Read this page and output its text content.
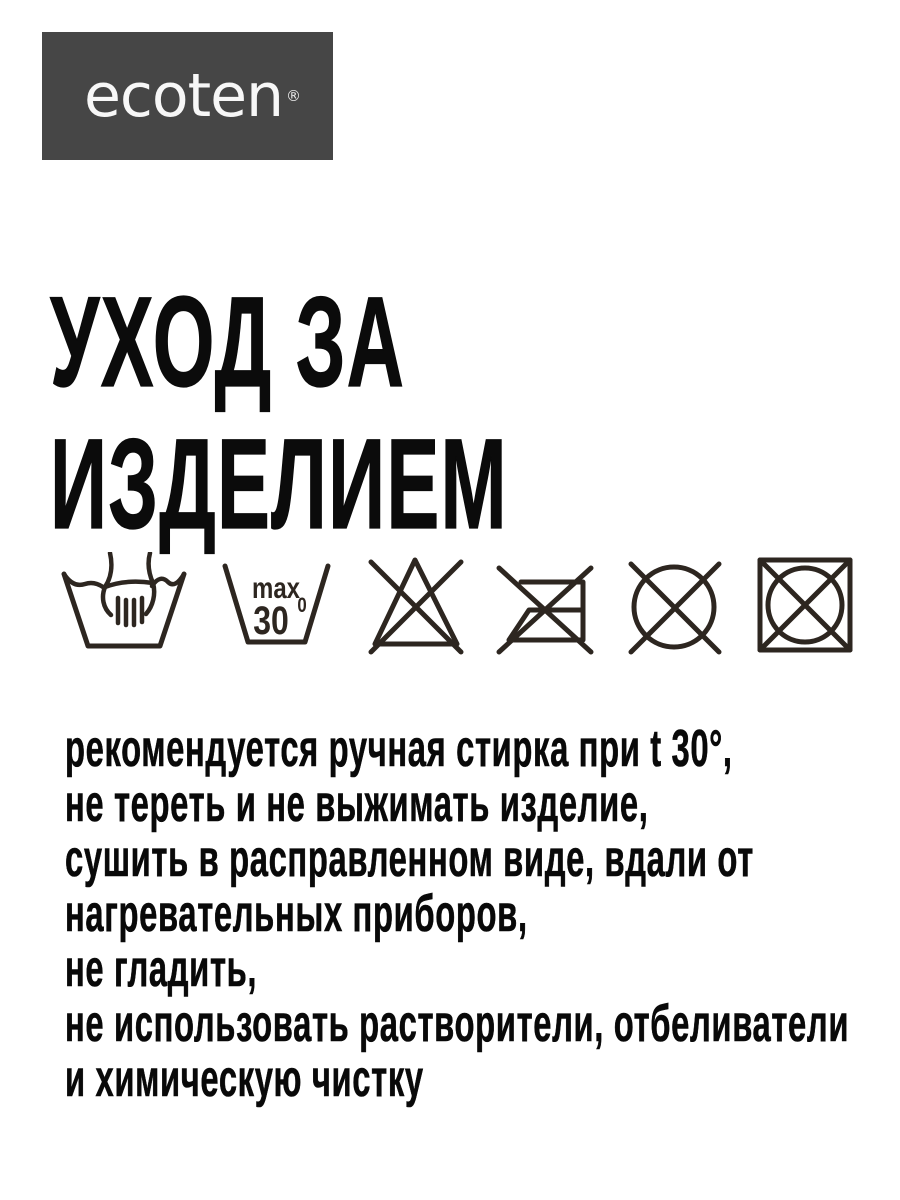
ecoten ®
УХОД ЗА
ИЗДЕЛИЕМ
max
30 0
рекомендуется ручная стирка при t 30°,
не тереть и не выжимать изделие,
сушить в расправленном виде, вдали от
нагревательных приборов,
не гладить,
не использовать растворители, отбеливатели
и химическую чистку
